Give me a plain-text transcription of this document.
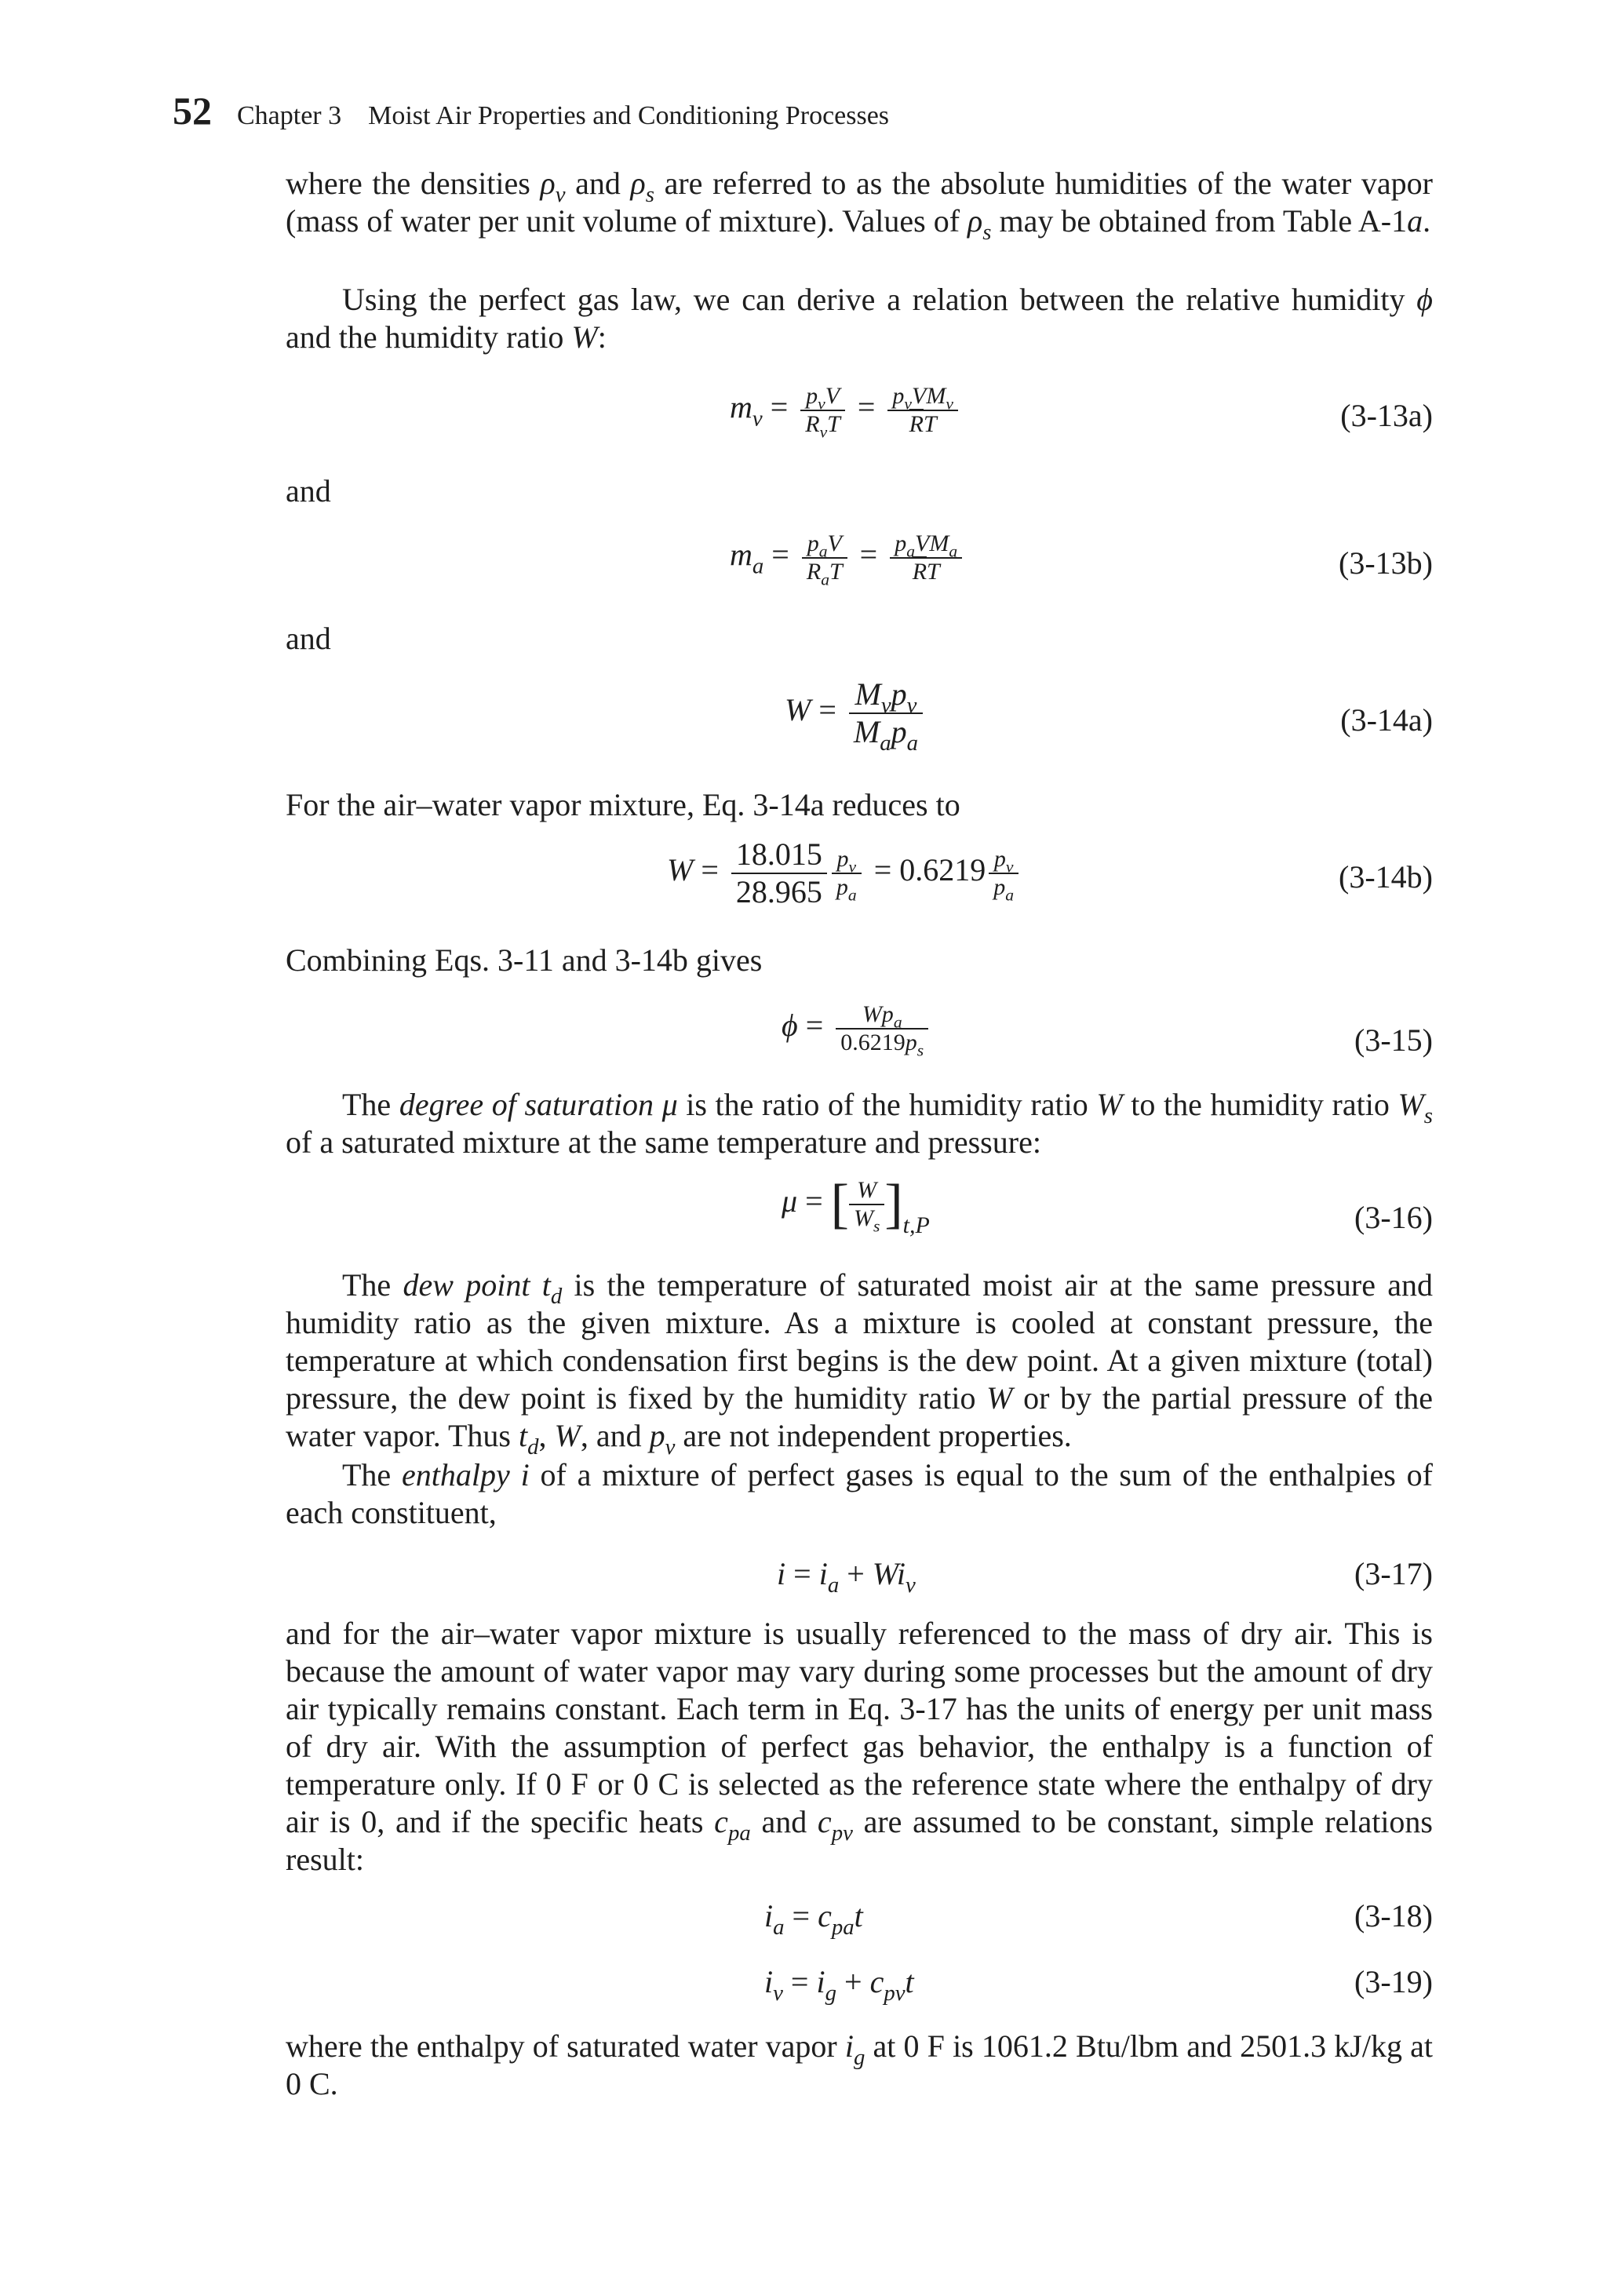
52 Chapter 3    Moist Air Properties and Conditioning Processes
where the densities $\rho_v$ and $\rho_s$ are referred to as the absolute humidities of the water vapor (mass of water per unit volume of mixture). Values of $\rho_s$ may be obtained from Table A-1a.
Using the perfect gas law, we can derive a relation between the relative humidity ϕ and the humidity ratio W:
$m_v = \frac{p_vV}{R_vT} = \frac{p_vVM_v}{\overline{R}T}$	(3-13a)
and
$m_a = \frac{p_aV}{R_aT} = \frac{p_aVM_a}{\overline{R}T}$	(3-13b)
and
$W = \frac{M_vp_v}{M_ap_a}$	(3-14a)
For the air–water vapor mixture, Eq. 3-14a reduces to
$W = \frac{18.015}{28.965} \frac{p_v}{p_a} = 0.6219 \frac{p_v}{p_a}$	(3-14b)
Combining Eqs. 3-11 and 3-14b gives
$\phi = \frac{Wp_a}{0.6219p_s}$	(3-15)
The degree of saturation μ is the ratio of the humidity ratio W to the humidity ratio $W_s$ of a saturated mixture at the same temperature and pressure:
μ = [ $\frac{W}{W_s} ]_{t,P}$	(3-16)
The dew point $t_d$ is the temperature of saturated moist air at the same pressure and humidity ratio as the given mixture. As a mixture is cooled at constant pressure, the temperature at which condensation first begins is the dew point. At a given mixture (total) pressure, the dew point is fixed by the humidity ratio W or by the partial pressure of the water vapor. Thus $t_d$, W, and $p_v$ are not independent properties.
The enthalpy i of a mixture of perfect gases is equal to the sum of the enthalpies of each constituent,
$i = i_a + Wi_v$	(3-17)
and for the air–water vapor mixture is usually referenced to the mass of dry air. This is because the amount of water vapor may vary during some processes but the amount of dry air typically remains constant. Each term in Eq. 3-17 has the units of energy per unit mass of dry air. With the assumption of perfect gas behavior, the enthalpy is a function of temperature only. If 0 F or 0 C is selected as the reference state where the enthalpy of dry air is 0, and if the specific heats $c_{pa}$ and $c_{pv}$ are assumed to be constant, simple relations result:
$i_a = c_{pa}t$	(3-18)
$i_v = i_g + c_{pv}t$	(3-19)
where the enthalpy of saturated water vapor $i_g$ at 0 F is 1061.2 Btu/lbm and 2501.3 kJ/kg at 0 C.
